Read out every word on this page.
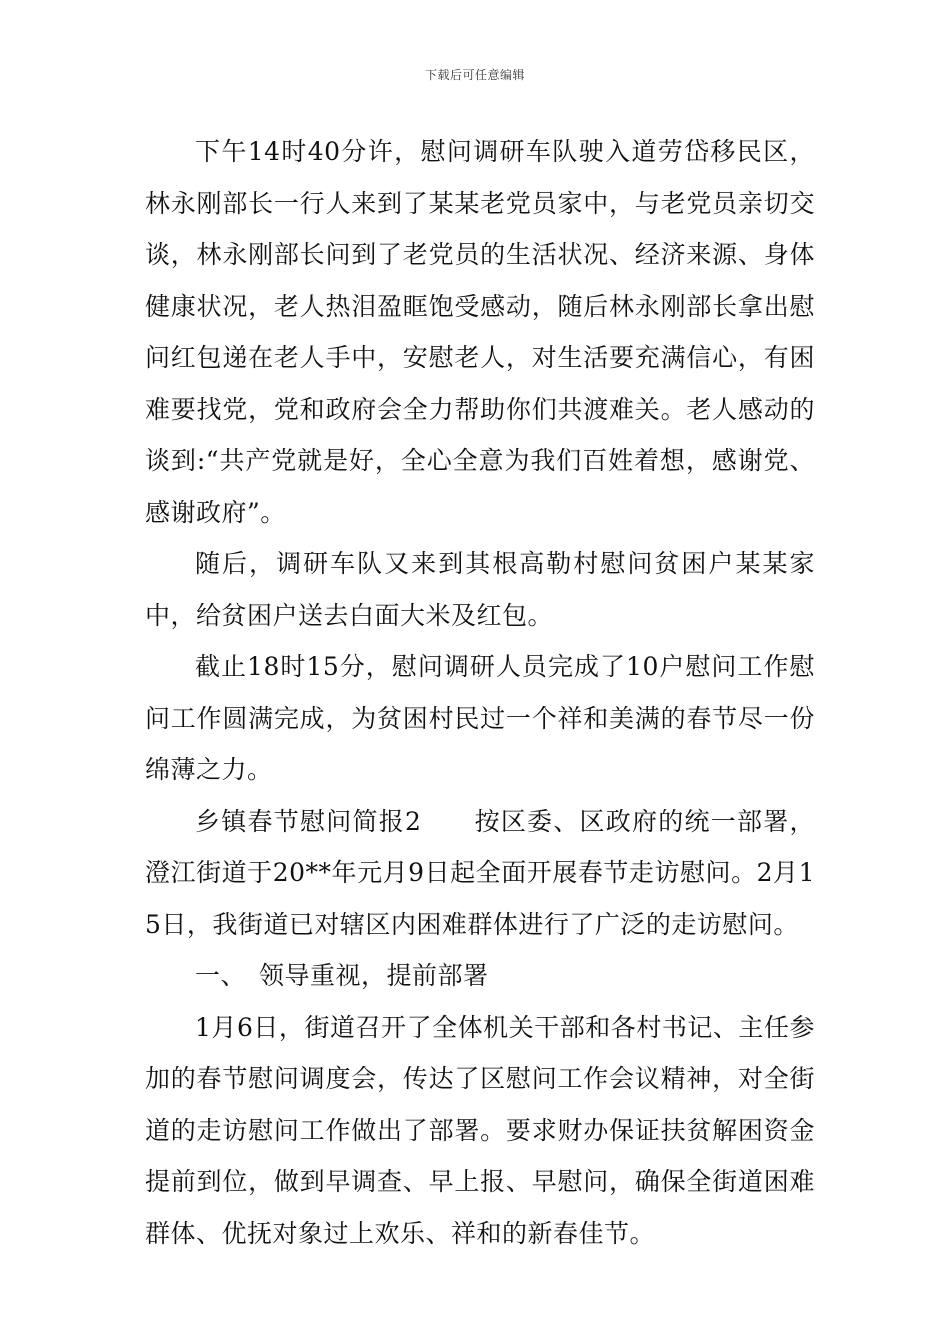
下载后可任意编辑

下午14时40分许，慰问调研车队驶入道劳岱移民区，林永刚部长一行人来到了某某老党员家中，与老党员亲切交谈，林永刚部长问到了老党员的生活状况、经济来源、身体健康状况，老人热泪盈眶饱受感动，随后林永刚部长拿出慰问红包递在老人手中，安慰老人，对生活要充满信心，有困难要找党，党和政府会全力帮助你们共渡难关。老人感动的谈到:“共产党就是好，全心全意为我们百姓着想，感谢党、感谢政府”。

随后，调研车队又来到其根高勒村慰问贫困户某某家中，给贫困户送去白面大米及红包。

截止18时15分，慰问调研人员完成了10户慰问工作慰问工作圆满完成，为贫困村民过一个祥和美满的春节尽一份绵薄之力。

乡镇春节慰问简报2　　按区委、区政府的统一部署，澄江街道于20**年元月9日起全面开展春节走访慰问。2月15日，我街道已对辖区内困难群体进行了广泛的走访慰问。

一、　领导重视，提前部署

1月6日，街道召开了全体机关干部和各村书记、主任参加的春节慰问调度会，传达了区慰问工作会议精神，对全街道的走访慰问工作做出了部署。要求财办保证扶贫解困资金提前到位，做到早调查、早上报、早慰问，确保全街道困难群体、优抚对象过上欢乐、祥和的新春佳节。
